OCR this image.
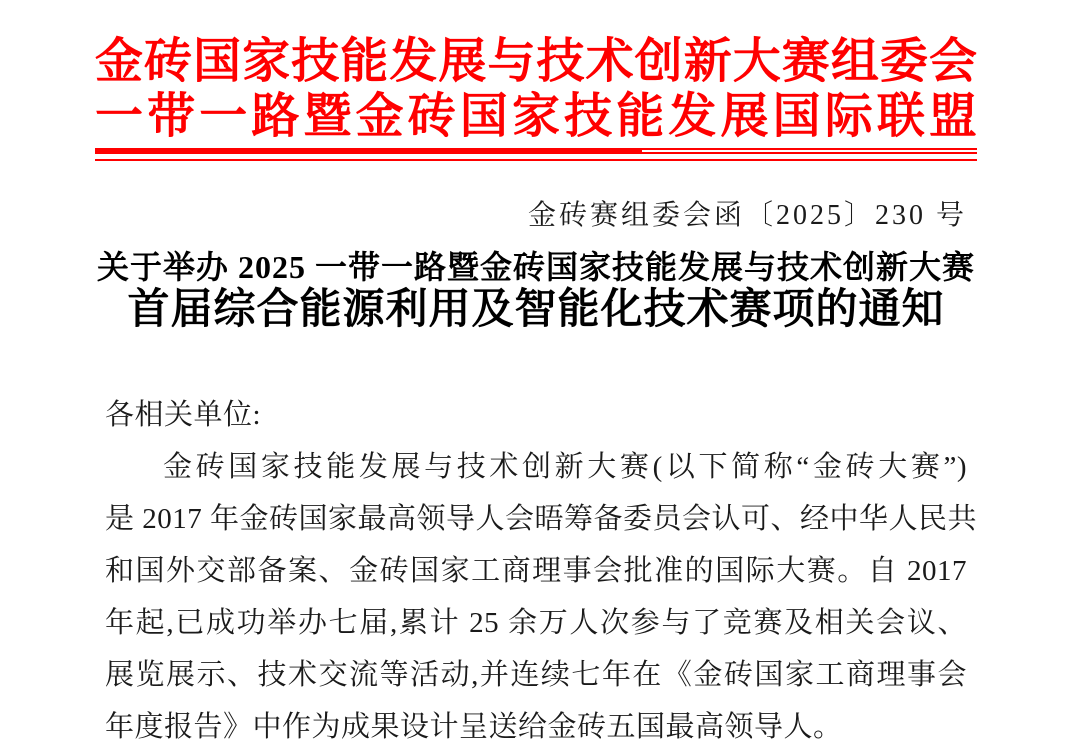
金砖国家技能发展与技术创新大赛组委会
一带一路暨金砖国家技能发展国际联盟
金砖赛组委会函〔2025〕230 号
关于举办 2025 一带一路暨金砖国家技能发展与技术创新大赛
首届综合能源利用及智能化技术赛项的通知
各相关单位:
金砖国家技能发展与技术创新大赛(以下简称“金砖大赛”)
是 2017 年金砖国家最高领导人会晤筹备委员会认可、经中华人民共
和国外交部备案、金砖国家工商理事会批准的国际大赛。自 2017
年起,已成功举办七届,累计 25 余万人次参与了竞赛及相关会议、
展览展示、技术交流等活动,并连续七年在《金砖国家工商理事会
年度报告》中作为成果设计呈送给金砖五国最高领导人。
